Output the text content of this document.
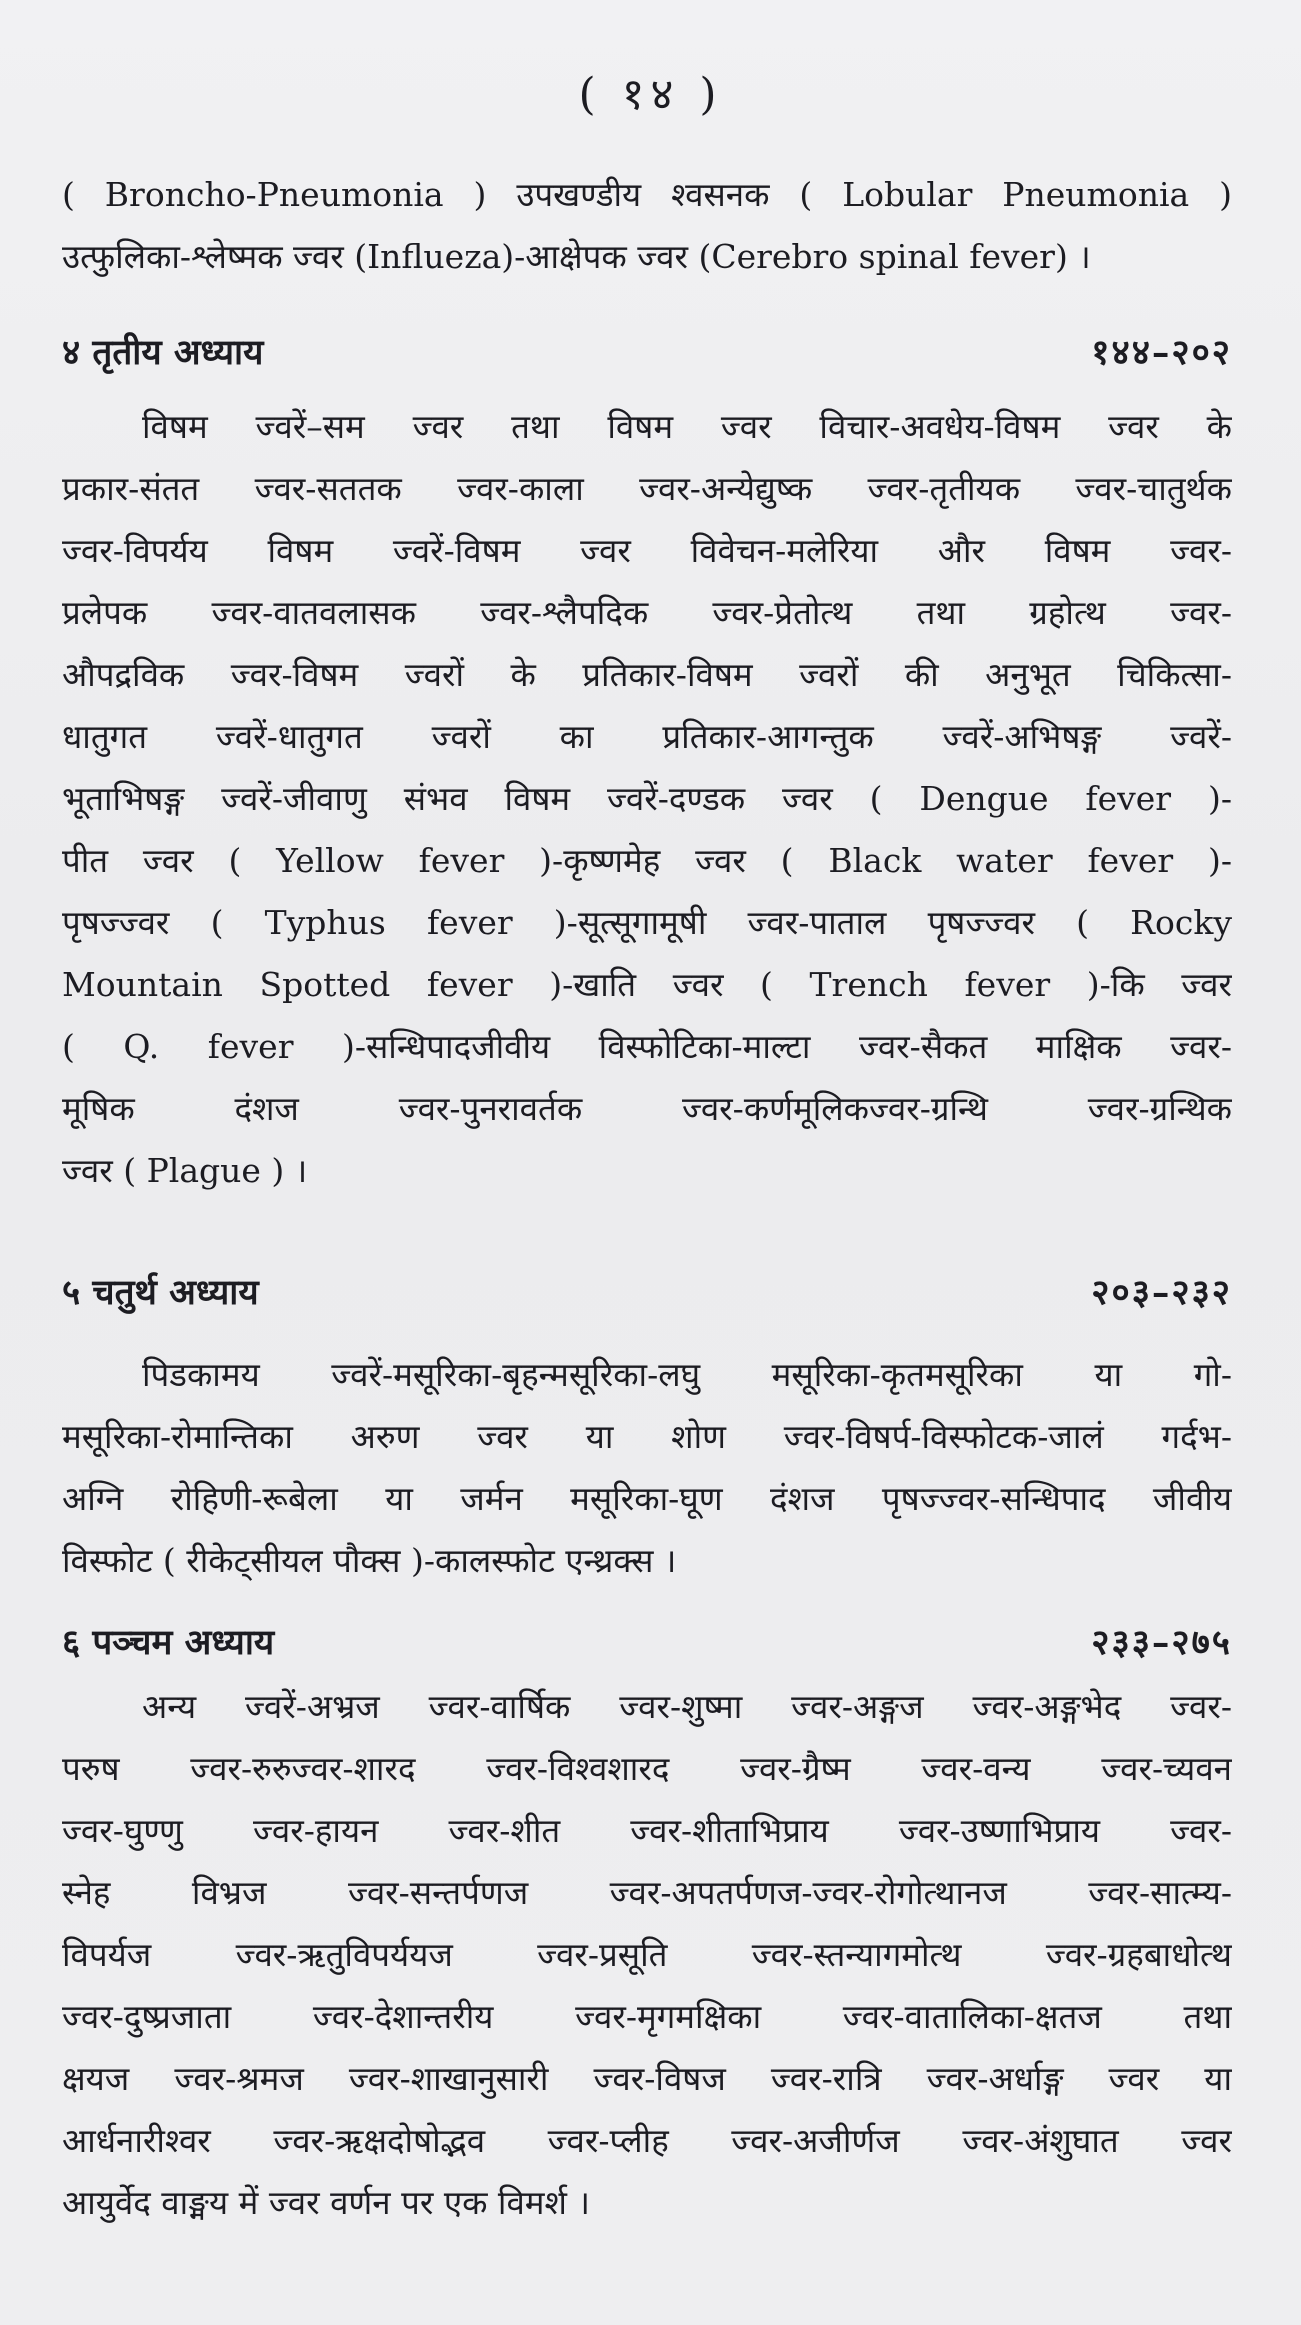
( १४ )
( Broncho-Pneumonia ) उपखण्डीय श्वसनक ( Lobular Pneumonia )
उत्फुलिका-श्लेष्मक ज्वर (Influeza)-आक्षेपक ज्वर (Cerebro spinal fever) ।
४ तृतीय अध्याय	१४४–२०२
विषम ज्वरें–सम ज्वर तथा विषम ज्वर विचार-अवधेय-विषम ज्वर के
प्रकार-संतत ज्वर-सततक ज्वर-काला ज्वर-अन्येद्युष्क ज्वर-तृतीयक ज्वर-चातुर्थक
ज्वर-विपर्यय विषम ज्वरें-विषम ज्वर विवेचन-मलेरिया और विषम ज्वर-
प्रलेपक ज्वर-वातवलासक ज्वर-श्लैपदिक ज्वर-प्रेतोत्थ तथा ग्रहोत्थ ज्वर-
औपद्रविक ज्वर-विषम ज्वरों के प्रतिकार-विषम ज्वरों की अनुभूत चिकित्सा-
धातुगत ज्वरें-धातुगत ज्वरों का प्रतिकार-आगन्तुक ज्वरें-अभिषङ्ग ज्वरें-
भूताभिषङ्ग ज्वरें-जीवाणु संभव विषम ज्वरें-दण्डक ज्वर ( Dengue fever )-
पीत ज्वर ( Yellow fever )-कृष्णमेह ज्वर ( Black water fever )-
पृषज्ज्वर ( Typhus fever )-सूत्सूगामूषी ज्वर-पाताल पृषज्ज्वर ( Rocky
Mountain Spotted fever )-खाति ज्वर ( Trench fever )-कि ज्वर
( Q. fever )-सन्धिपादजीवीय विस्फोटिका-माल्टा ज्वर-सैकत माक्षिक ज्वर-
मूषिक दंशज ज्वर-पुनरावर्तक ज्वर-कर्णमूलिकज्वर-ग्रन्थि ज्वर-ग्रन्थिक
ज्वर ( Plague ) ।
५ चतुर्थ अध्याय	२०३–२३२
पिडकामय ज्वरें-मसूरिका-बृहन्मसूरिका-लघु मसूरिका-कृतमसूरिका या गो-
मसूरिका-रोमान्तिका अरुण ज्वर या शोण ज्वर-विषर्प-विस्फोटक-जालं गर्दभ-
अग्नि रोहिणी-रूबेला या जर्मन मसूरिका-घूण दंशज पृषज्ज्वर-सन्धिपाद जीवीय
विस्फोट ( रीकेट्सीयल पौक्स )-कालस्फोट एन्थ्रक्स ।
६ पञ्चम अध्याय	२३३–२७५
अन्य ज्वरें-अभ्रज ज्वर-वार्षिक ज्वर-शुष्मा ज्वर-अङ्गज ज्वर-अङ्गभेद ज्वर-
परुष ज्वर-रुरुज्वर-शारद ज्वर-विश्वशारद ज्वर-ग्रैष्म ज्वर-वन्य ज्वर-च्यवन
ज्वर-घुण्णु ज्वर-हायन ज्वर-शीत ज्वर-शीताभिप्राय ज्वर-उष्णाभिप्राय ज्वर-
स्नेह विभ्रज ज्वर-सन्तर्पणज ज्वर-अपतर्पणज-ज्वर-रोगोत्थानज ज्वर-सात्म्य-
विपर्यज ज्वर-ऋतुविपर्ययज ज्वर-प्रसूति ज्वर-स्तन्यागमोत्थ ज्वर-ग्रहबाधोत्थ
ज्वर-दुष्प्रजाता ज्वर-देशान्तरीय ज्वर-मृगमक्षिका ज्वर-वातालिका-क्षतज तथा
क्षयज ज्वर-श्रमज ज्वर-शाखानुसारी ज्वर-विषज ज्वर-रात्रि ज्वर-अर्धाङ्ग ज्वर या
आर्धनारीश्वर ज्वर-ऋक्षदोषोद्भव ज्वर-प्लीह ज्वर-अजीर्णज ज्वर-अंशुघात ज्वर
आयुर्वेद वाङ्मय में ज्वर वर्णन पर एक विमर्श ।
